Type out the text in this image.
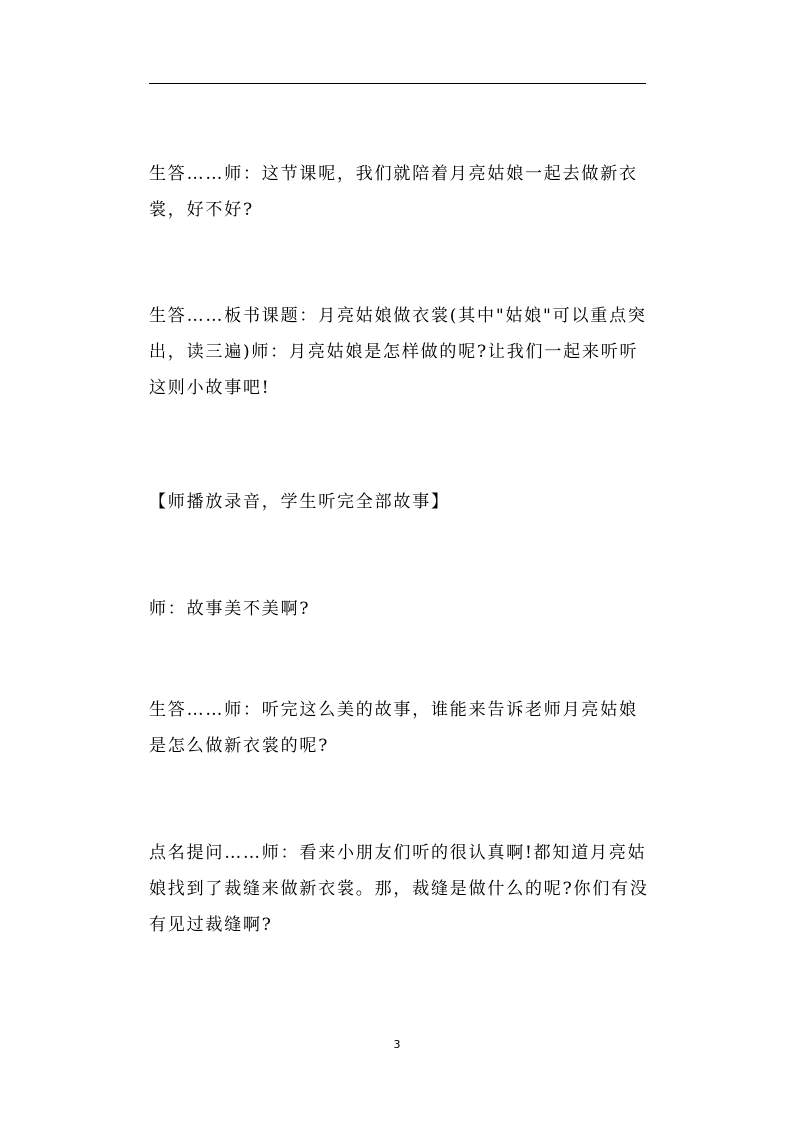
生答……师：这节课呢，我们就陪着月亮姑娘一起去做新衣裳，好不好?

生答……板书课题：月亮姑娘做衣裳(其中"姑娘"可以重点突出，读三遍)师：月亮姑娘是怎样做的呢?让我们一起来听听这则小故事吧!

【师播放录音，学生听完全部故事】

师：故事美不美啊?

生答……师：听完这么美的故事，谁能来告诉老师月亮姑娘是怎么做新衣裳的呢?

点名提问……师：看来小朋友们听的很认真啊!都知道月亮姑娘找到了裁缝来做新衣裳。那，裁缝是做什么的呢?你们有没有见过裁缝啊?

3
